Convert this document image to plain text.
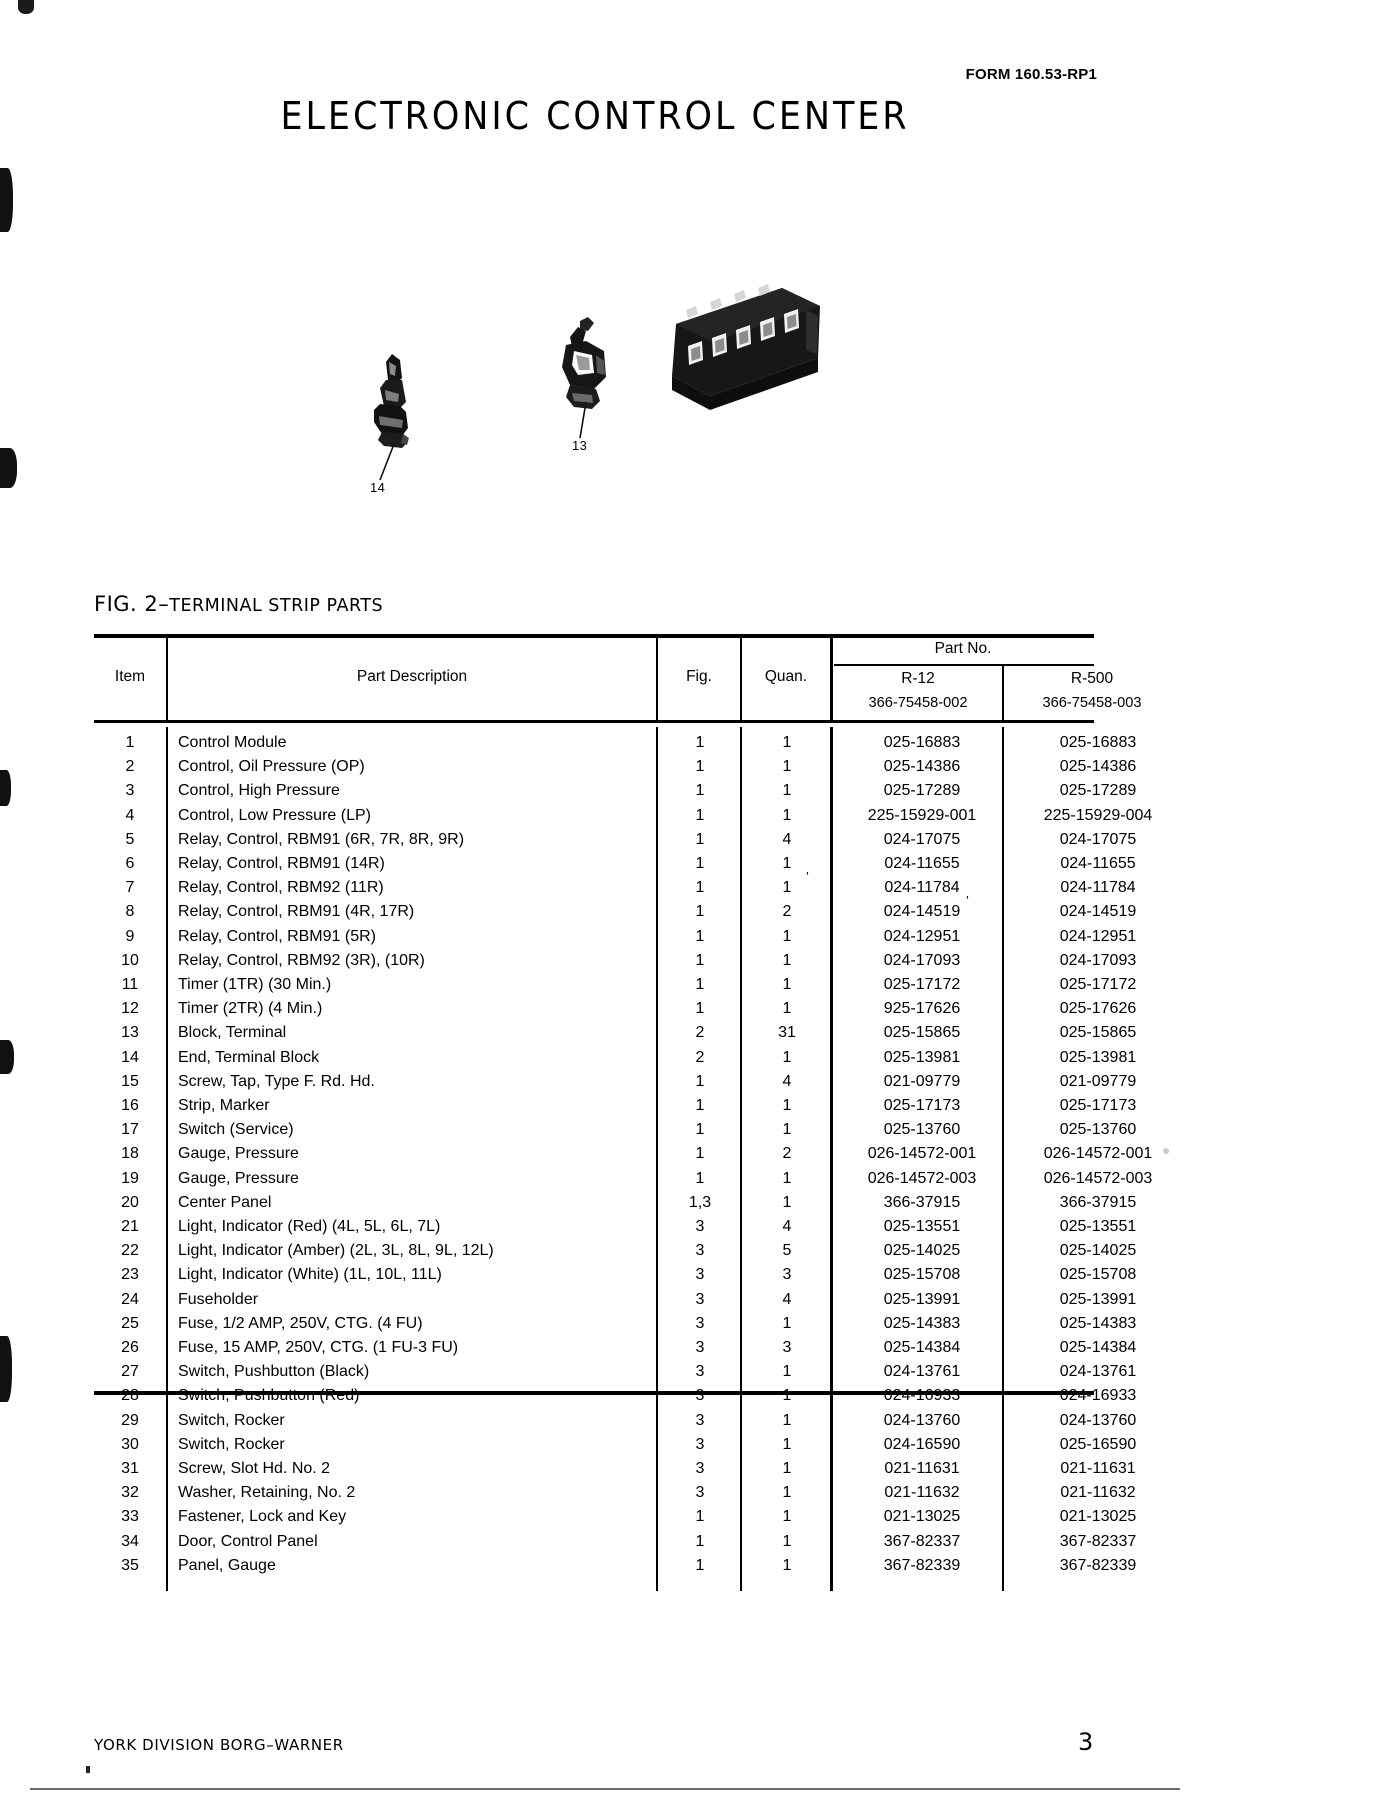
FORM 160.53-RP1
ELECTRONIC CONTROL CENTER
14
13
FIG. 2–TERMINAL STRIP PARTS
Item	Part Description	Fig.	Quan.
Part No.
R-12
366-75458-002
R-500
366-75458-003
’
’
1	Control Module	1	1	025-16883	025-16883
2	Control, Oil Pressure (OP)	1	1	025-14386	025-14386
3	Control, High Pressure	1	1	025-17289	025-17289
4	Control, Low Pressure (LP)	1	1	225-15929-001	225-15929-004
5	Relay, Control, RBM91 (6R, 7R, 8R, 9R)	1	4	024-17075	024-17075
6	Relay, Control, RBM91 (14R)	1	1	024-11655	024-11655
7	Relay, Control, RBM92 (11R)	1	1	024-11784	024-11784
8	Relay, Control, RBM91 (4R, 17R)	1	2	024-14519	024-14519
9	Relay, Control, RBM91 (5R)	1	1	024-12951	024-12951
10	Relay, Control, RBM92 (3R), (10R)	1	1	024-17093	024-17093
11	Timer (1TR) (30 Min.)	1	1	025-17172	025-17172
12	Timer (2TR) (4 Min.)	1	1	925-17626	025-17626
13	Block, Terminal	2	31	025-15865	025-15865
14	End, Terminal Block	2	1	025-13981	025-13981
15	Screw, Tap, Type F. Rd. Hd.	1	4	021-09779	021-09779
16	Strip, Marker	1	1	025-17173	025-17173
17	Switch (Service)	1	1	025-13760	025-13760
18	Gauge, Pressure	1	2	026-14572-001	026-14572-001
19	Gauge, Pressure	1	1	026-14572-003	026-14572-003
20	Center Panel	1,3	1	366-37915	366-37915
21	Light, Indicator (Red) (4L, 5L, 6L, 7L)	3	4	025-13551	025-13551
22	Light, Indicator (Amber) (2L, 3L, 8L, 9L, 12L)	3	5	025-14025	025-14025
23	Light, Indicator (White) (1L, 10L, 11L)	3	3	025-15708	025-15708
24	Fuseholder	3	4	025-13991	025-13991
25	Fuse, 1/2 AMP, 250V, CTG. (4 FU)	3	1	025-14383	025-14383
26	Fuse, 15 AMP, 250V, CTG. (1 FU-3 FU)	3	3	025-14384	025-14384
27	Switch, Pushbutton (Black)	3	1	024-13761	024-13761
28	Switch, Pushbutton (Red)	3	1	024-16933	024-16933
29	Switch, Rocker	3	1	024-13760	024-13760
30	Switch, Rocker	3	1	024-16590	025-16590
31	Screw, Slot Hd. No. 2	3	1	021-11631	021-11631
32	Washer, Retaining, No. 2	3	1	021-11632	021-11632
33	Fastener, Lock and Key	1	1	021-13025	021-13025
34	Door, Control Panel	1	1	367-82337	367-82337
35	Panel, Gauge	1	1	367-82339	367-82339
YORK DIVISION BORG–WARNER	3
